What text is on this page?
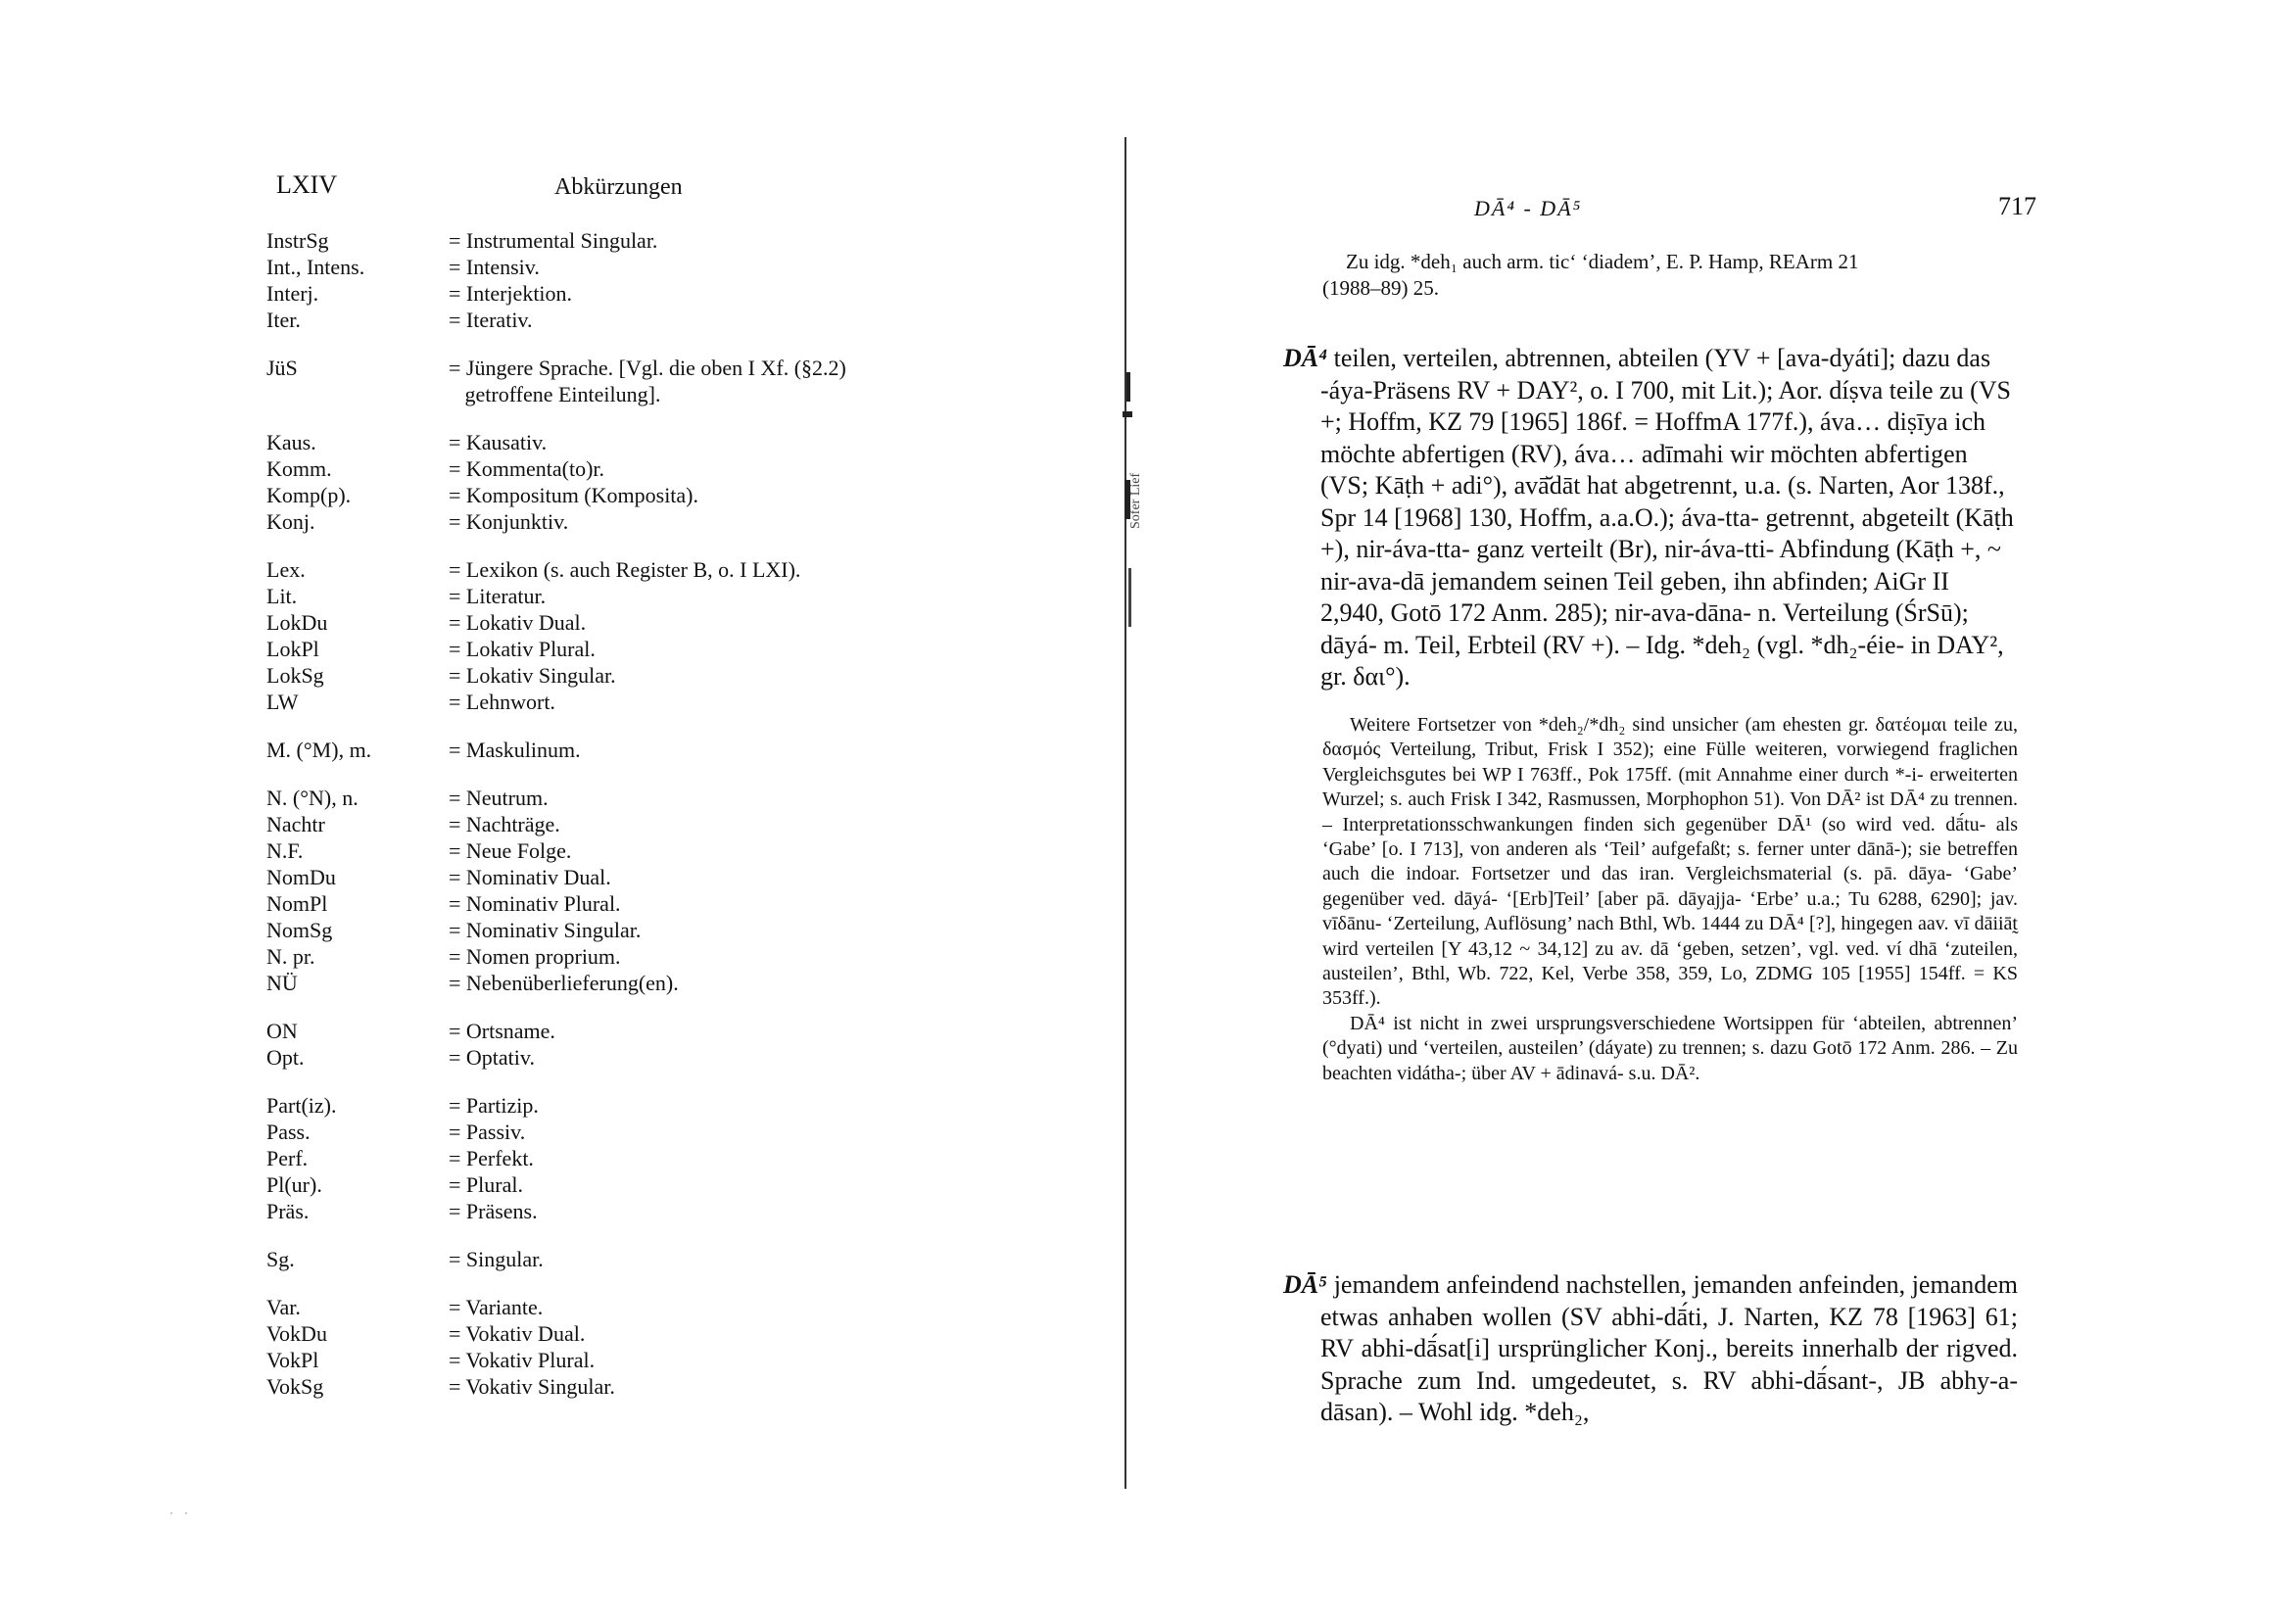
LXIV	Abkürzungen
InstrSg	= Instrumental Singular.
Int., Intens.	= Intensiv.
Interj.	= Interjektion.
Iter.	= Iterativ.
JüS	= Jüngere Sprache. [Vgl. die oben I Xf. (§2.2)
getroffene Einteilung].
Kaus.	= Kausativ.
Komm.	= Kommenta(to)r.
Komp(p).	= Kompositum (Komposita).
Konj.	= Konjunktiv.
Lex.	= Lexikon (s. auch Register B, o. I LXI).
Lit.	= Literatur.
LokDu	= Lokativ Dual.
LokPl	= Lokativ Plural.
LokSg	= Lokativ Singular.
LW	= Lehnwort.
M. (°M), m.	= Maskulinum.
N. (°N), n.	= Neutrum.
Nachtr	= Nachträge.
N.F.	= Neue Folge.
NomDu	= Nominativ Dual.
NomPl	= Nominativ Plural.
NomSg	= Nominativ Singular.
N. pr.	= Nomen proprium.
NÜ	= Nebenüberlieferung(en).
ON	= Ortsname.
Opt.	= Optativ.
Part(iz).	= Partizip.
Pass.	= Passiv.
Perf.	= Perfekt.
Pl(ur).	= Plural.
Präs.	= Präsens.
Sg.	= Singular.
Var.	= Variante.
VokDu	= Vokativ Dual.
VokPl	= Vokativ Plural.
VokSg	= Vokativ Singular.
Sofer Lief
DĀ⁴ - DĀ⁵	717
Zu idg. *deh₁ auch arm. tic‘ ‘diadem’, E. P. Hamp, REArm 21
(1988–89) 25.

DĀ⁴ teilen, verteilen, abtrennen, abteilen (YV + [ava-dyáti]; dazu das -áya-Präsens RV + DAY², o. I 700, mit Lit.); Aor. díṣva teile zu (VS +; Hoffm, KZ 79 [1965] 186f. = HoffmA 177f.), áva… diṣīya ich möchte abfertigen (RV), áva… adīmahi wir möchten abfertigen (VS; Kāṭh + adi°), avā̆dāt hat abgetrennt, u.a. (s. Narten, Aor 138f., Spr 14 [1968] 130, Hoffm, a.a.O.); áva-tta- getrennt, abgeteilt (Kāṭh +), nir-áva-tta- ganz verteilt (Br), nir-áva-tti- Abfindung (Kāṭh +, ~ nir-ava-dā jemandem seinen Teil geben, ihn abfinden; AiGr II 2,940, Gotō 172 Anm. 285); nir-ava-dāna- n. Verteilung (ŚrSū); dāyá- m. Teil, Erbteil (RV +). – Idg. *deh₂ (vgl. *dh₂-éie- in DAY², gr. δαι°).

Weitere Fortsetzer von *deh₂/*dh₂ sind unsicher (am ehesten gr. δατέομαι teile zu, δασμός Verteilung, Tribut, Frisk I 352); eine Fülle weiteren, vorwiegend fraglichen Vergleichsgutes bei WP I 763ff., Pok 175ff. (mit Annahme einer durch *-i- erweiterten Wurzel; s. auch Frisk I 342, Rasmussen, Morphophon 51). Von DĀ² ist DĀ⁴ zu trennen. – Interpretationsschwankungen finden sich gegenüber DĀ¹ (so wird ved. dā́tu- als ‘Gabe’ [o. I 713], von anderen als ‘Teil’ aufgefaßt; s. ferner unter dānā-); sie betreffen auch die indoar. Fortsetzer und das iran. Vergleichsmaterial (s. pā. dāya- ‘Gabe’ gegenüber ved. dāyá- ‘[Erb]Teil’ [aber pā. dāyajja- ‘Erbe’ u.a.; Tu 6288, 6290]; jav. vīδānu- ‘Zerteilung, Auflösung’ nach Bthl, Wb. 1444 zu DĀ⁴ [?], hingegen aav. vī dāiiāt̰ wird verteilen [Y 43,12 ~ 34,12] zu av. dā ‘geben, setzen’, vgl. ved. ví dhā ‘zuteilen, austeilen’, Bthl, Wb. 722, Kel, Verbe 358, 359, Lo, ZDMG 105 [1955] 154ff. = KS 353ff.).

DĀ⁴ ist nicht in zwei ursprungsverschiedene Wortsippen für ‘abteilen, abtrennen’ (°dyati) und ‘verteilen, austeilen’ (dáyate) zu trennen; s. dazu Gotō 172 Anm. 286. – Zu beachten vidátha-; über AV + ādinavá- s.u. DĀ².

DĀ⁵ jemandem anfeindend nachstellen, jemanden anfeinden, jemandem etwas anhaben wollen (SV abhi-dā́ti, J. Narten, KZ 78 [1963] 61; RV abhi-dā́sat[i] ursprünglicher Konj., bereits innerhalb der rigved. Sprache zum Ind. umgedeutet, s. RV abhi-dā́sant-, JB abhy-a-dāsan). – Wohl idg. *deh₂,
